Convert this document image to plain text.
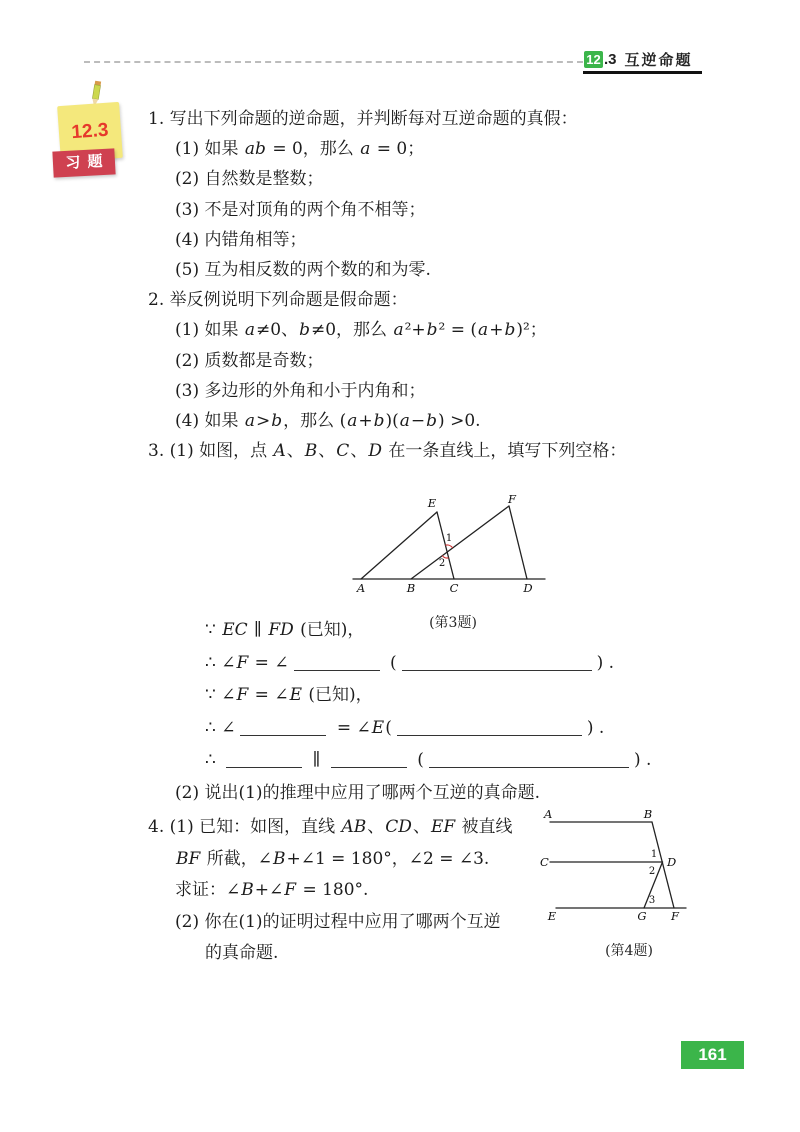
12 .3 互逆命题
12.3
习题
1. 写出下列命题的逆命题，并判断每对互逆命题的真假：
(1) 如果 ab = 0，那么 a = 0；
(2) 自然数是整数；
(3) 不是对顶角的两个角不相等；
(4) 内错角相等；
(5) 互为相反数的两个数的和为零.
2. 举反例说明下列命题是假命题：
(1) 如果 a≠0、b≠0，那么 a²+b² = (a+b)²；
(2) 质数都是奇数；
(3) 多边形的外角和小于内角和；
(4) 如果 a>b，那么 (a+b)(a−b) >0.
3. (1) 如图，点 A、B、C、D 在一条直线上，填写下列空格：
A	B	C	D
E	F
1
2
(第3题)
∵ EC ∥ FD (已知)，
∴ ∠F = ∠	(	) .
∵ ∠F = ∠E (已知)，
∴ ∠	= ∠E(	) .
∴	∥	(	) .
(2) 说出(1)的推理中应用了哪两个互逆的真命题.
4. (1) 已知：如图，直线 AB、CD、EF 被直线
BF 所截，∠B+∠1 = 180°，∠2 = ∠3.
求证：∠B+∠F = 180°.
(2) 你在(1)的证明过程中应用了哪两个互逆
的真命题.
A	B
C	D
E	G F
1
2
3
(第4题)
161
